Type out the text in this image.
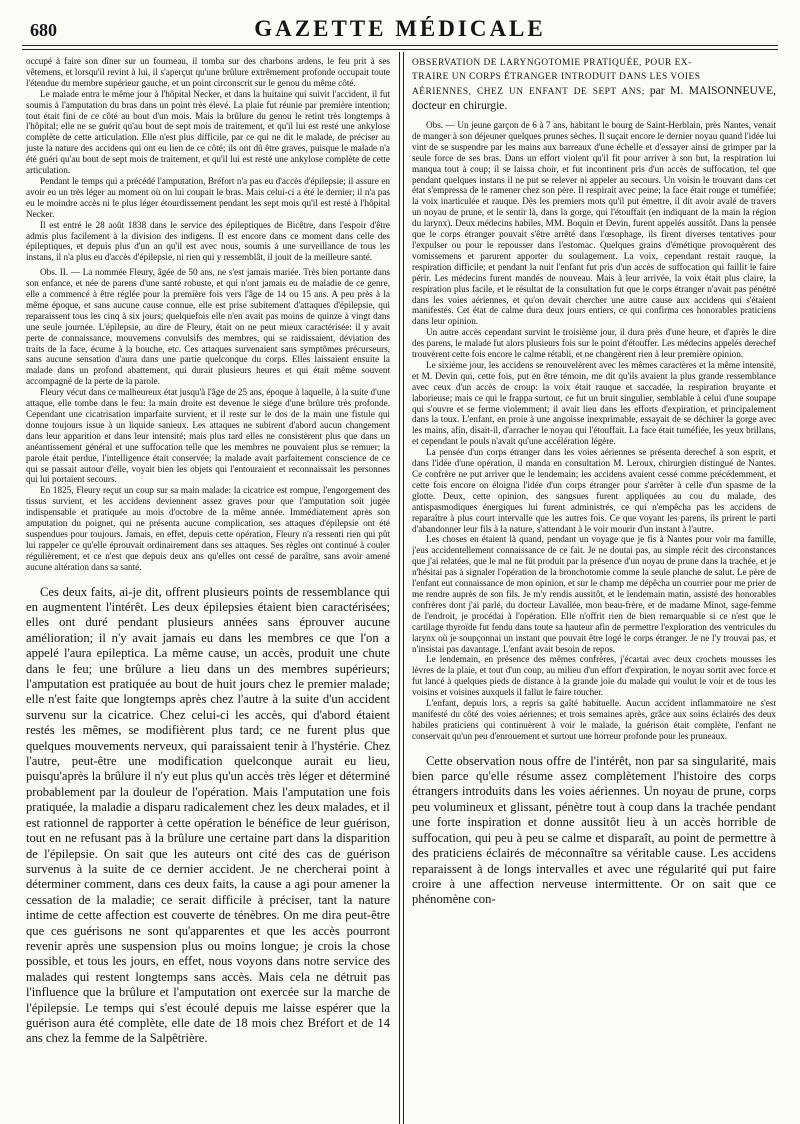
680	GAZETTE MÉDICALE

occupé à faire son dîner sur un fourneau, il tomba sur des charbons ardens, le feu prit à ses vêtemens, et lorsqu'il revint à lui, il s'aperçut qu'une brûlure extrêmement profonde occupait toute l'étendue du membre supérieur gauche, et un point circonscrit sur le genou du même côté.

Le malade entra le même jour à l'hôpital Necker, et dans la huitaine qui suivit l'accident, il fut soumis à l'amputation du bras dans un point très élevé. La plaie fut réunie par première intention; tout était fini de ce côté au bout d'un mois. Mais la brûlure du genou le retint très longtemps à l'hôpital; elle ne se guérit qu'au bout de sept mois de traitement, et qu'il lui est resté une ankylose complète de cette articulation. Elle n'est plus difficile, par ce qui ne dit le malade, de préciser au juste la nature des accidens qui ont eu lien de ce côté; ils ont dû être graves, puisque le malade n'a été guéri qu'au bout de sept mois de traitement, et qu'il lui est resté une ankylose complète de cette articulation.

Pendant le temps qui a précédé l'amputation, Bréfort n'a pas eu d'accès d'épilepsie; il assure en avoir eu un très léger au moment où on lui coupait le bras. Mais celui-ci a été le dernier; il n'a pas eu le moindre accès ni le plus léger étourdissement pendant les sept mois qu'il est resté à l'hôpital Necker.

Il est entré le 28 août 1838 dans le service des épileptiques de Bicêtre, dans l'espoir d'être admis plus facilement à la division des indigens. Il est encore dans ce moment dans celle des épileptiques, et depuis plus d'un an qu'il est avec nous, soumis à une surveillance de tous les instans, il n'a plus eu d'accès d'épilepsie, ni rien qui y ressemblât, il jouit de la meilleure santé.

Obs. II. — La nommée Fleury, âgée de 50 ans, ne s'est jamais mariée. Très bien portante dans son enfance, et née de parens d'une santé robuste, et qui n'ont jamais eu de maladie de ce genre, elle a commencé à être réglée pour la première fois vers l'âge de 14 ou 15 ans. A peu près à la même époque, et sans aucune cause connue, elle est prise subitement d'attaques d'épilepsie, qui reparaissent tous les cinq à six jours; quelquefois elle n'en avait pas moins de quinze à vingt dans une seule journée. L'épilepsie, au dire de Fleury, était on ne peut mieux caractérisée: il y avait perte de connaissance, mouvemens convulsifs des membres, qui se raidissaient, déviation des traits de la face, écume à la bouche, etc. Ces attaques survenaient sans symptômes précurseurs, sans aucune sensation d'aura dans une partie quelconque du corps. Elles laissaient ensuite la malade dans un profond abattement, qui durait plusieurs heures et qui était même souvent accompagné de la perte de la parole.

Fleury vécut dans ce malheureux état jusqu'à l'âge de 25 ans, époque à laquelle, à la suite d'une attaque, elle tombe dans le feu: la main droite est devenue le siége d'une brûlure très profonde. Cependant une cicatrisation imparfaite survient, et il reste sur le dos de la main une fistule qui donne toujours issue à un liquide sanieux. Les attaques ne subirent d'abord aucun changement dans leur apparition et dans leur intensité; mais plus tard elles ne consistèrent plus que dans un anéantissement général et une suffocation telle que les membres ne pouvaient plus se remuer; la parole était perdue, l'intelligence était conservée; la malade avait parfaitement conscience de ce qui se passait autour d'elle, voyait bien les objets qui l'entouraient et reconnaissait les personnes qui lui portaient secours.

En 1825, Fleury reçut un coup sur sa main malade: la cicatrice est rompue, l'engorgement des tissus survient, et les accidens deviennent assez graves pour que l'amputation soit jugée indispensable et pratiquée au mois d'octobre de la même année. Immédiatement après son amputation du poignet, qui ne présenta aucune complication, ses attaques d'épilepsie ont été suspendues pour toujours. Jamais, en effet, depuis cette opération, Fleury n'a ressenti rien qui pût lui rappeler ce qu'elle éprouvait ordinairement dans ses attaques. Ses règles ont continué à couler régulièrement, et ce n'est que depuis deux ans qu'elles ont cessé de paraître, sans avoir amené aucune altération dans sa santé.

Ces deux faits, ai-je dit, offrent plusieurs points de ressemblance qui en augmentent l'intérêt. Les deux épilepsies étaient bien caractérisées; elles ont duré pendant plusieurs années sans éprouver aucune amélioration; il n'y avait jamais eu dans les membres ce que l'on a appelé l'aura epileptica. La même cause, un accès, produit une chute dans le feu; une brûlure a lieu dans un des membres supérieurs; l'amputation est pratiquée au bout de huit jours chez le premier malade; elle n'est faite que longtemps après chez l'autre à la suite d'un accident survenu sur la cicatrice. Chez celui-ci les accès, qui d'abord étaient restés les mêmes, se modifièrent plus tard; ce ne furent plus que quelques mouvements nerveux, qui paraissaient tenir à l'hystérie. Chez l'autre, peut-être une modification quelconque aurait eu lieu, puisqu'après la brûlure il n'y eut plus qu'un accès très léger et déterminé probablement par la douleur de l'opération. Mais l'amputation une fois pratiquée, la maladie a disparu radicalement chez les deux malades, et il est rationnel de rapporter à cette opération le bénéfice de leur guérison, tout en ne refusant pas à la brûlure une certaine part dans la disparition de l'épilepsie. On sait que les auteurs ont cité des cas de guérison survenus à la suite de ce dernier accident. Je ne chercherai point à déterminer comment, dans ces deux faits, la cause a agi pour amener la cessation de la maladie; ce serait difficile à préciser, tant la nature intime de cette affection est couverte de ténèbres. On me dira peut-être que ces guérisons ne sont qu'apparentes et que les accès pourront revenir après une suspension plus ou moins longue; je crois la chose possible, et tous les jours, en effet, nous voyons dans notre service des malades qui restent longtemps sans accès. Mais cela ne détruit pas l'influence que la brûlure et l'amputation ont exercée sur la marche de l'épilepsie. Le temps qui s'est écoulé depuis me laisse espérer que la guérison aura été complète, elle date de 18 mois chez Bréfort et de 14 ans chez la femme de la Salpêtrière.

OBSERVATION DE LARYNGOTOMIE PRATIQUÉE, POUR EX-
TRAIRE UN CORPS ÉTRANGER INTRODUIT DANS LES VOIES
AÉRIENNES, CHEZ UN ENFANT DE SEPT ANS; par M. MAISONNEUVE, docteur en chirurgie.

Obs. — Un jeune garçon de 6 à 7 ans, habitant le bourg de Saint-Herblain, près Nantes, venait de manger à son déjeuner quelques prunes sèches. Il suçait encore le dernier noyau quand l'idée lui vint de se suspendre par les mains aux barreaux d'une échelle et d'essayer ainsi de grimper par la seule force de ses bras. Dans un effort violent qu'il fit pour arriver à son but, la respiration lui manqua tout à coup; il se laissa choir, et fut incontinent pris d'un accès de suffocation, tel que pendant quelques instans il ne put se relever ni appeler au secours. Un voisin le trouvant dans cet état s'empressa de le ramener chez son père. Il respirait avec peine; la face était rouge et tuméfiée; la voix inarticulée et rauque. Dès les premiers mots qu'il put émettre, il dit avoir avalé de travers un noyau de prune, et le sentir là, dans la gorge, qui l'étouffait (en indiquant de la main la région du larynx). Deux médecins habiles, MM. Boquin et Devin, furent appelés aussitôt. Dans la pensée que le corps étranger pouvait s'être arrêté dans l'œsophage, ils firent diverses tentatives pour l'expulser ou pour le repousser dans l'estomac. Quelques grains d'émétique provoquèrent des vomissemens et parurent apporter du soulagement. La voix, cependant restait rauque, la respiration difficile; et pendant la nuit l'enfant fut pris d'un accès de suffocation qui faillit le faire périr. Les médecins furent mandés de nouveau. Mais à leur arrivée, la voix était plus claire, la respiration plus facile, et le résultat de la consultation fut que le corps étranger n'avait pas pénétré dans les voies aériennes, et qu'on devait chercher une autre cause aux accidens qui s'étaient manifestés. Cet état de calme dura deux jours entiers, ce qui confirma ces honorables praticiens dans leur opinion.

Un autre accès cependant survint le troisième jour, il dura près d'une heure, et d'après le dire des parens, le malade fut alors plusieurs fois sur le point d'étouffer. Les médecins appelés derechef trouvèrent cette fois encore le calme rétabli, et ne changèrent rien à leur première opinion.

Le sixième jour, les accidens se renouvelèrent avec les mêmes caractères et la même intensité, et M. Devin qui, cette fois, put en être témoin, me dit qu'ils avaient la plus grande ressemblance avec ceux d'un accès de croup: la voix était rauque et saccadée, la respiration bruyante et laborieuse; mais ce qui le frappa surtout, ce fut un bruit singulier, semblable à celui d'une soupape qui s'ouvre et se ferme violemment; il avait lieu dans les efforts d'expiration, et principalement dans la toux. L'enfant, en proie à une angoisse inexprimable, essayait de se déchirer la gorge avec les mains, afin, disait-il, d'arracher le noyau qui l'étouffait. La face était tuméfiée, les yeux brillans, et cependant le pouls n'avait qu'une accélération légère.

La pensée d'un corps étranger dans les voies aériennes se présenta derechef à son esprit, et dans l'idée d'une opération, il manda en consultation M. Leroux, chirurgien distingué de Nantes. Ce confrère ne put arriver que le lendemain; les accidens avaient cessé comme précédemment, et cette fois encore on éloigna l'idée d'un corps étranger pour s'arrêter à celle d'un spasme de la glotte. Deux, cette opinion, des sangsues furent appliquées au cou du malade, des antispasmodiques énergiques lui furent administrés, ce qui n'empêcha pas les accidens de reparaître à plus court intervalle que les autres fois. Ce que voyant les parens, ils prirent le parti d'abandonner leur fils à la nature, s'attendant à le voir mourir d'un instant à l'autre.

Les choses en étaient là quand, pendant un voyage que je fis à Nantes pour voir ma famille, j'eus accidentellement connaissance de ce fait. Je ne doutai pas, au simple récit des circonstances que j'ai relatées, que le mal ne fût produit par la présence d'un noyau de prune dans la trachée, et je n'hésitai pas à signaler l'opération de la bronchotomie comme la seule planche de salut. Le père de l'enfant eut connaissance de mon opinion, et sur le champ me dépêcha un courrier pour me prier de me rendre auprès de son fils. Je m'y rendis aussitôt, et le lendemain matin, assisté des honorables confrères dont j'ai parlé, du docteur Lavallée, mon beau-frère, et de madame Minot, sage-femme de l'endroit, je procédai à l'opération. Elle n'offrit rien de bien remarquable si ce n'est que le cartilage thyroïde fut fendu dans toute sa hauteur afin de permettre l'exploration des ventricules du larynx où je soupçonnai un instant que pouvait être logé le corps étranger. Je ne l'y trouvai pas, et n'insistai pas davantage. L'enfant avait besoin de repos.

Le lendemain, en présence des mêmes confrères, j'écartai avec deux crochets mousses les lèvres de la plaie, et tout d'un coup, au milieu d'un effort d'expiration, le noyau sortit avec force et fut lancé à quelques pieds de distance à la grande joie du malade qui voulut le voir et de tous les voisins et voisines auxquels il fallut le faire toucher.

L'enfant, depuis lors, a repris sa gaîté habituelle. Aucun accident inflammatoire ne s'est manifesté du côté des voies aériennes; et trois semaines après, grâce aux soins éclairés des deux habiles praticiens qui continuèrent à voir le malade, la guérison était complète, l'enfant ne conservait qu'un peu d'enrouement et surtout une horreur profonde pour les pruneaux.

Cette observation nous offre de l'intérêt, non par sa singularité, mais bien parce qu'elle résume assez complètement l'histoire des corps étrangers introduits dans les voies aériennes. Un noyau de prune, corps peu volumineux et glissant, pénètre tout à coup dans la trachée pendant une forte inspiration et donne aussitôt lieu à un accès horrible de suffocation, qui peu à peu se calme et disparaît, au point de permettre à des praticiens éclairés de méconnaître sa véritable cause. Les accidens reparaissent à de longs intervalles et avec une régularité qui put faire croire à une affection nerveuse intermittente. Or on sait que ce phénomène con-
